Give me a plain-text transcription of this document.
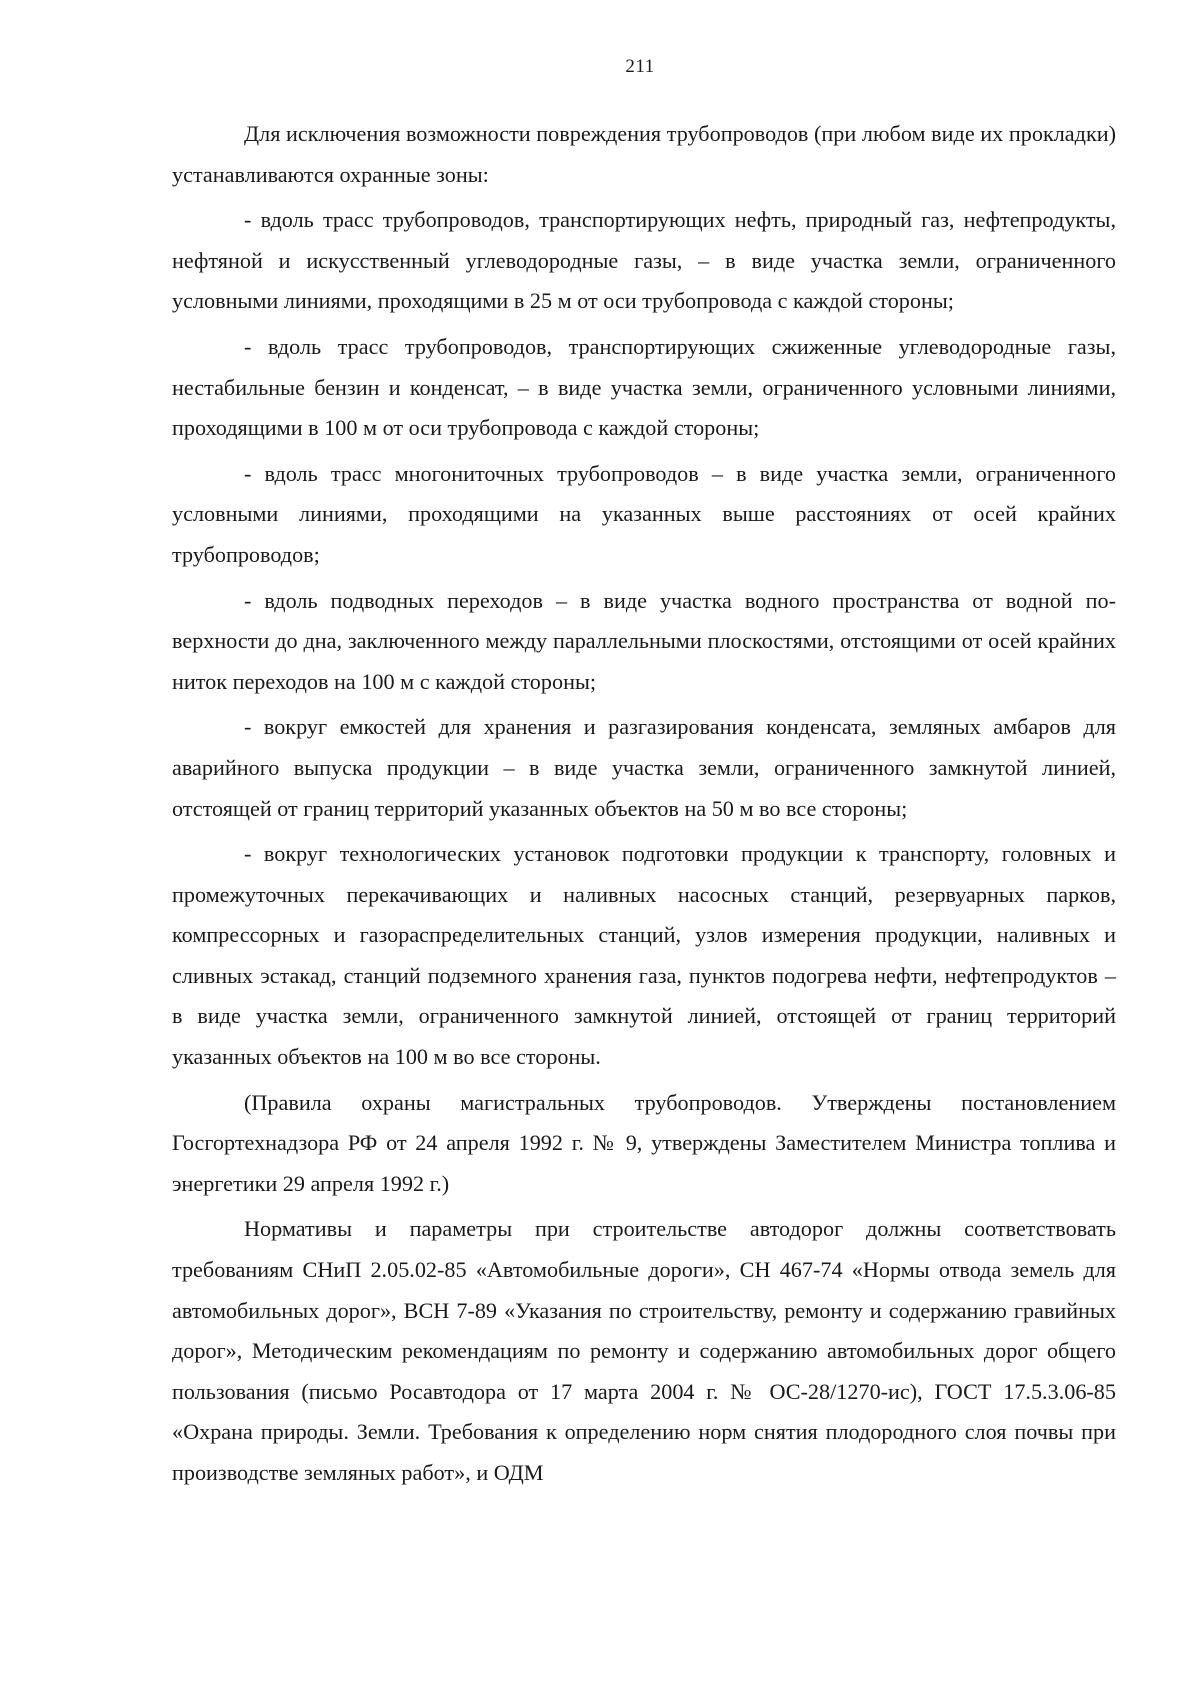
211

Для исключения возможности повреждения трубопроводов (при любом виде их прокладки) устанавливаются охранные зоны:

- вдоль трасс трубопроводов, транспортирующих нефть, природный газ, нефтепродукты, нефтяной и искусственный углеводородные газы, – в виде участка земли, ограниченного условными линиями, проходящими в 25 м от оси трубопровода с каждой стороны;

- вдоль трасс трубопроводов, транспортирующих сжиженные углеводородные газы, нестабильные бензин и конденсат, – в виде участка земли, ограниченного условными линиями, проходящими в 100 м от оси трубопровода с каждой стороны;

- вдоль трасс многониточных трубопроводов – в виде участка земли, ограниченного условными линиями, проходящими на указанных выше расстояниях от осей крайних трубопроводов;

- вдоль подводных переходов – в виде участка водного пространства от водной поверхности до дна, заключенного между параллельными плоскостями, отстоящими от осей крайних ниток переходов на 100 м с каждой стороны;

- вокруг емкостей для хранения и разгазирования конденсата, земляных амбаров для аварийного выпуска продукции – в виде участка земли, ограниченного замкнутой линией, отстоящей от границ территорий указанных объектов на 50 м во все стороны;

- вокруг технологических установок подготовки продукции к транспорту, головных и промежуточных перекачивающих и наливных насосных станций, резервуарных парков, компрессорных и газораспределительных станций, узлов измерения продукции, наливных и сливных эстакад, станций подземного хранения газа, пунктов подогрева нефти, нефтепродуктов – в виде участка земли, ограниченного замкнутой линией, отстоящей от границ территорий указанных объектов на 100 м во все стороны.

(Правила охраны магистральных трубопроводов. Утверждены постановлением Госгортехнадзора РФ от 24 апреля 1992 г. № 9, утверждены Заместителем Министра топлива и энергетики 29 апреля 1992 г.)

Нормативы и параметры при строительстве автодорог должны соответствовать требованиям СНиП 2.05.02-85 «Автомобильные дороги», СН 467-74 «Нормы отвода земель для автомобильных дорог», ВСН 7-89 «Указания по строительству, ремонту и содержанию гравийных дорог», Методическим рекомендациям по ремонту и содержанию автомобильных дорог общего пользования (письмо Росавтодора от 17 марта 2004 г. № ОС-28/1270-ис), ГОСТ 17.5.3.06-85 «Охрана природы. Земли. Требования к определению норм снятия плодородного слоя почвы при производстве земляных работ», и ОДМ
